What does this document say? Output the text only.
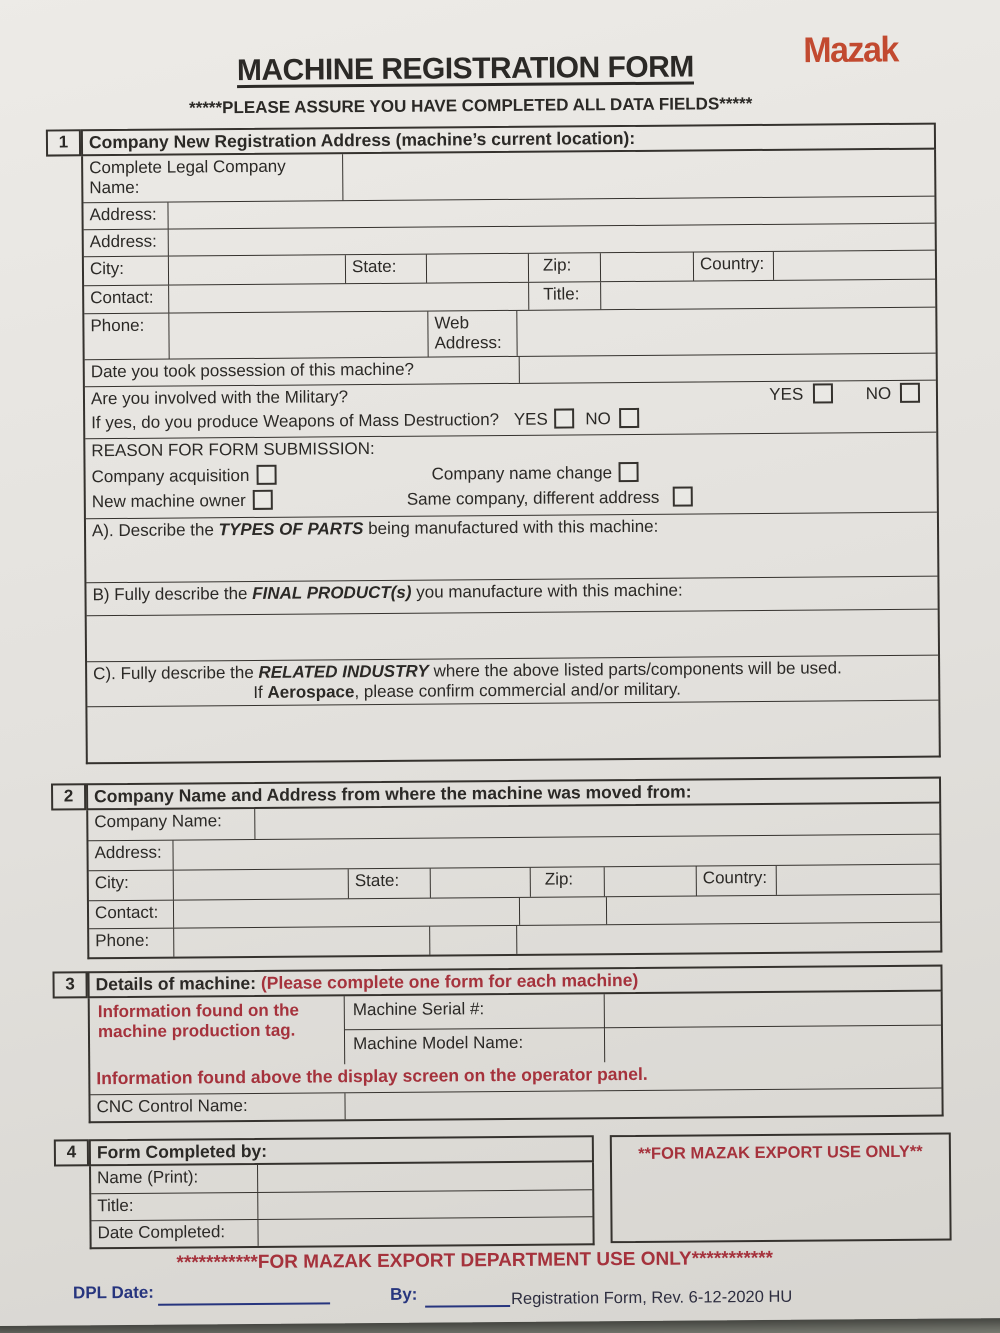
Mazak
MACHINE REGISTRATION FORM
*****PLEASE ASSURE YOU HAVE COMPLETED ALL DATA FIELDS*****
1	Company New Registration Address (machine’s current location):
Complete Legal Company Name:
Address:
Address:
City:	State:	Zip:	Country:
Contact:	Title:
Phone:	Web Address:
Date you took possession of this machine?
Are you involved with the Military?	YES	NO
If yes, do you produce Weapons of Mass Destruction? YES NO
REASON FOR FORM SUBMISSION:
Company acquisition	Company name change
New machine owner	Same company, different address
A). Describe the TYPES OF PARTS being manufactured with this machine:
B) Fully describe the FINAL PRODUCT(s) you manufacture with this machine:
C). Fully describe the RELATED INDUSTRY where the above listed parts/components will be used.
If Aerospace, please confirm commercial and/or military.
2	Company Name and Address from where the machine was moved from:
Company Name:
Address:
City:	State:	Zip:	Country:
Contact:
Phone:
3	Details of machine: (Please complete one form for each machine)
Information found on the machine production tag.
Machine Serial #:
Machine Model Name:
Information found above the display screen on the operator panel.
CNC Control Name:
4	Form Completed by:
Name (Print):
Title:
Date Completed:
**FOR MAZAK EXPORT USE ONLY**
***********FOR MAZAK EXPORT DEPARTMENT USE ONLY***********
DPL Date:	By:	Registration Form, Rev. 6-12-2020 HU
